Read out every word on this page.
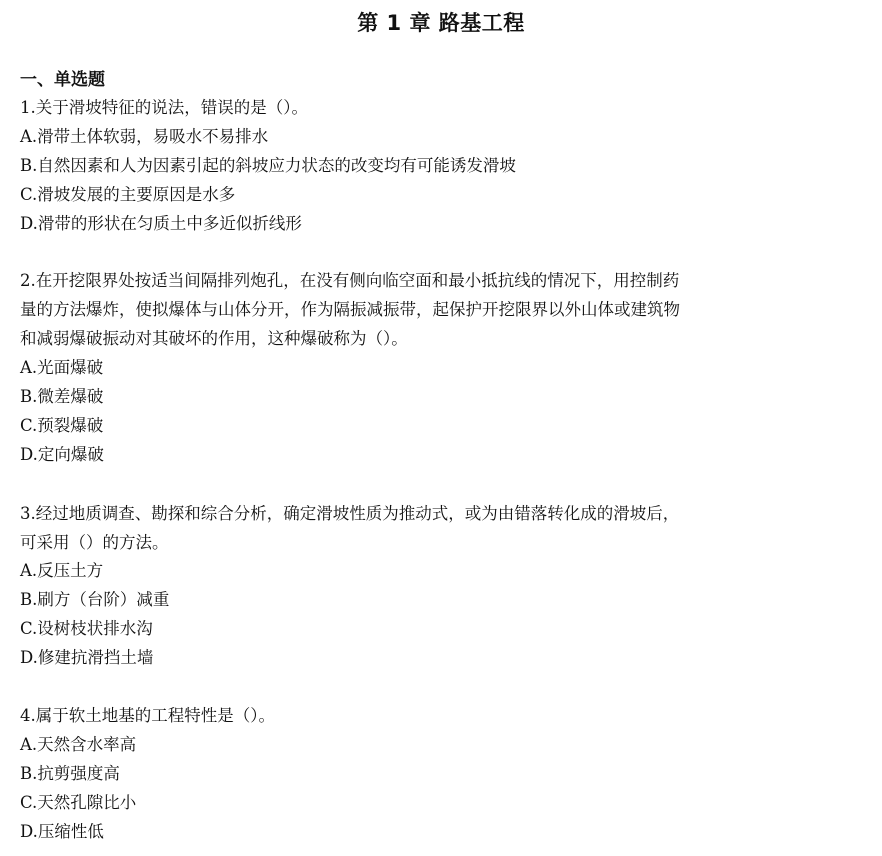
第 1 章 路基工程
一、单选题
1.关于滑坡特征的说法，错误的是（）。
A.滑带土体软弱，易吸水不易排水
B.自然因素和人为因素引起的斜坡应力状态的改变均有可能诱发滑坡
C.滑坡发展的主要原因是水多
D.滑带的形状在匀质土中多近似折线形
2.在开挖限界处按适当间隔排列炮孔，在没有侧向临空面和最小抵抗线的情况下，用控制药
量的方法爆炸，使拟爆体与山体分开，作为隔振减振带，起保护开挖限界以外山体或建筑物
和减弱爆破振动对其破坏的作用，这种爆破称为（）。
A.光面爆破
B.微差爆破
C.预裂爆破
D.定向爆破
3.经过地质调查、勘探和综合分析，确定滑坡性质为推动式，或为由错落转化成的滑坡后，
可采用（）的方法。
A.反压土方
B.刷方（台阶）减重
C.设树枝状排水沟
D.修建抗滑挡土墙
4.属于软土地基的工程特性是（）。
A.天然含水率高
B.抗剪强度高
C.天然孔隙比小
D.压缩性低
